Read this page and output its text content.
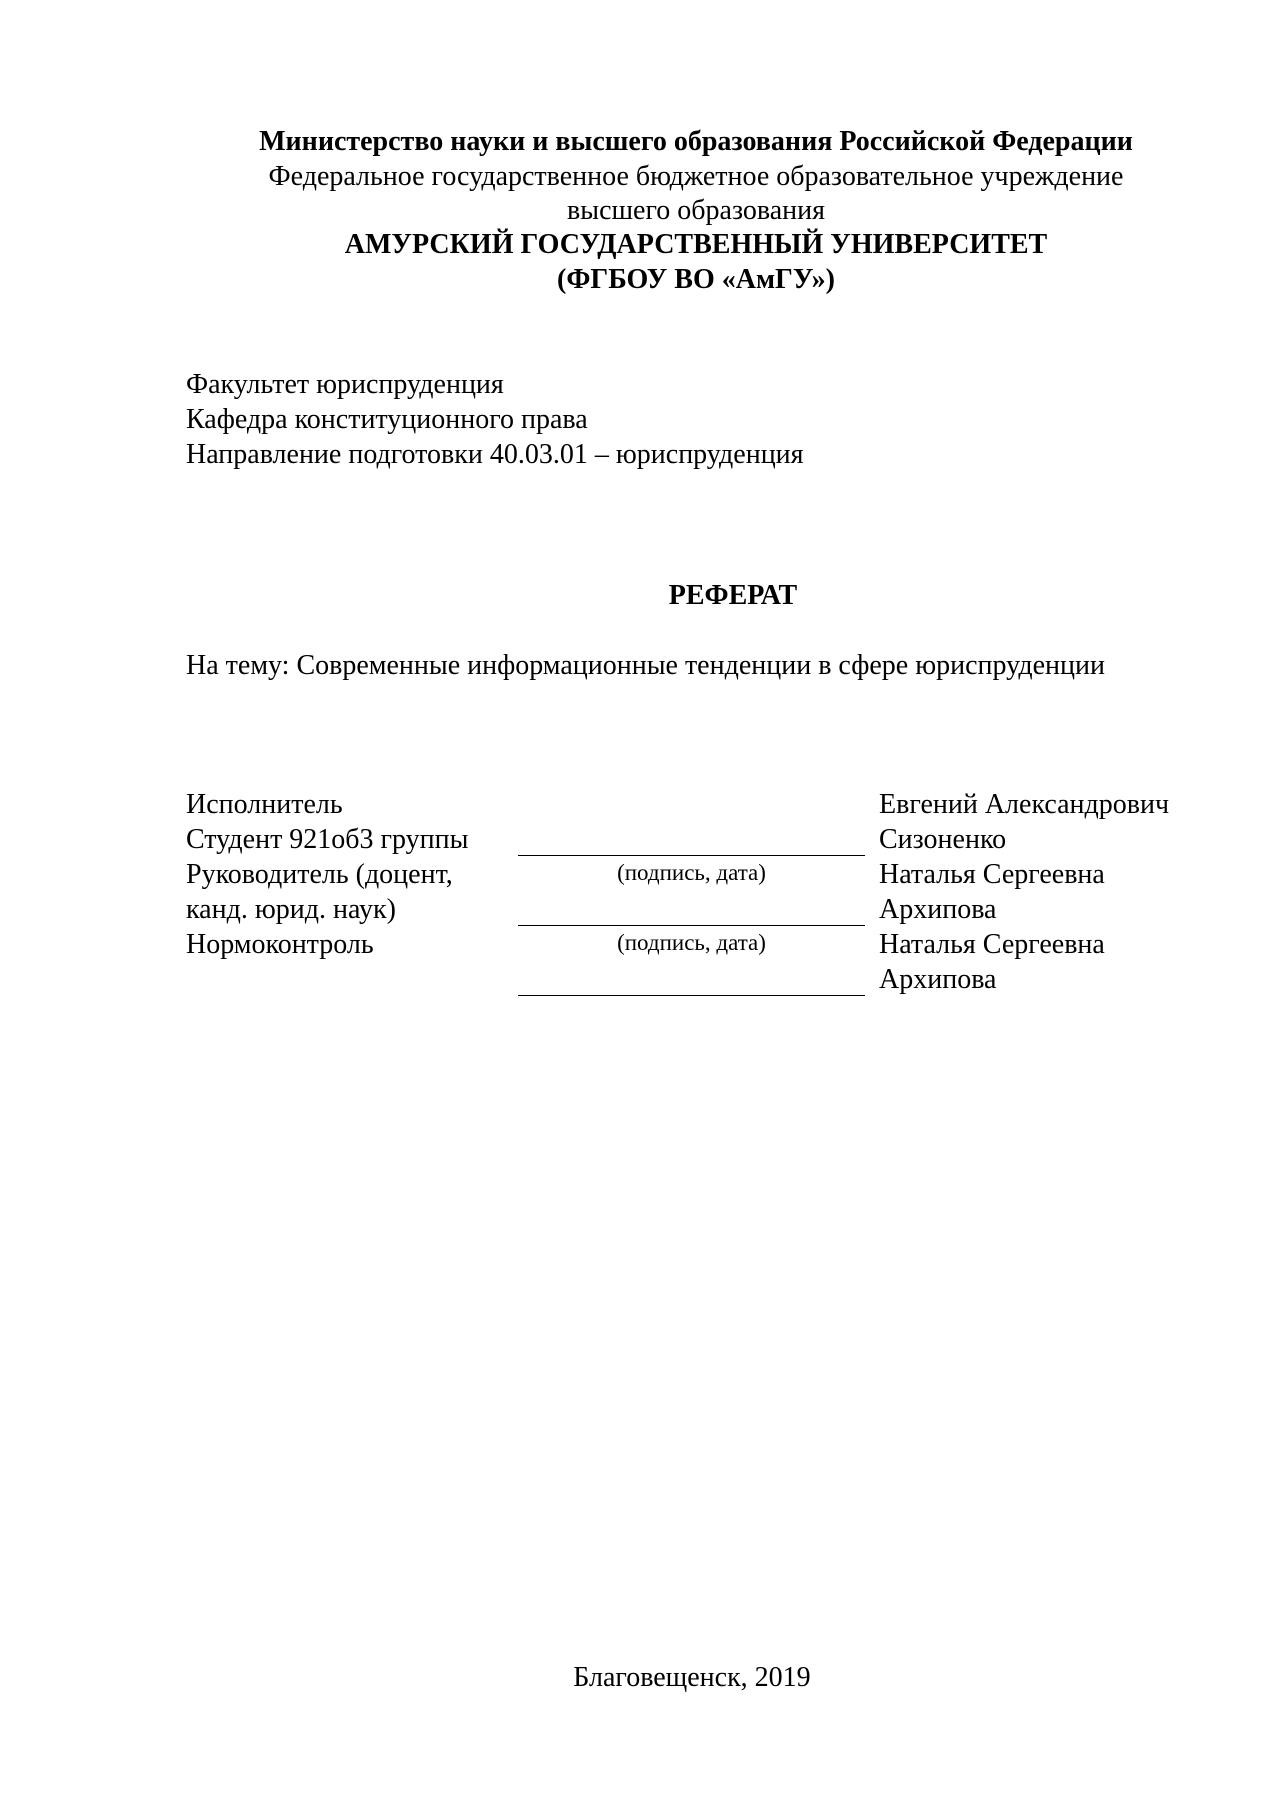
Министерство науки и высшего образования Российской Федерации
Федеральное государственное бюджетное образовательное учреждение
высшего образования
АМУРСКИЙ ГОСУДАРСТВЕННЫЙ УНИВЕРСИТЕТ
(ФГБОУ ВО «АмГУ»)
Факультет юриспруденция
Кафедра конституционного права
Направление подготовки 40.03.01 – юриспруденция
РЕФЕРАТ
На тему: Современные информационные тенденции в сфере юриспруденции
Исполнитель
Студент 921об3 группы
Руководитель (доцент,
канд. юрид. наук)
Нормоконтроль
(подпись, дата)
(подпись, дата)
Евгений Александрович
Сизоненко
Наталья Сергеевна
Архипова
Наталья Сергеевна
Архипова
Благовещенск, 2019
